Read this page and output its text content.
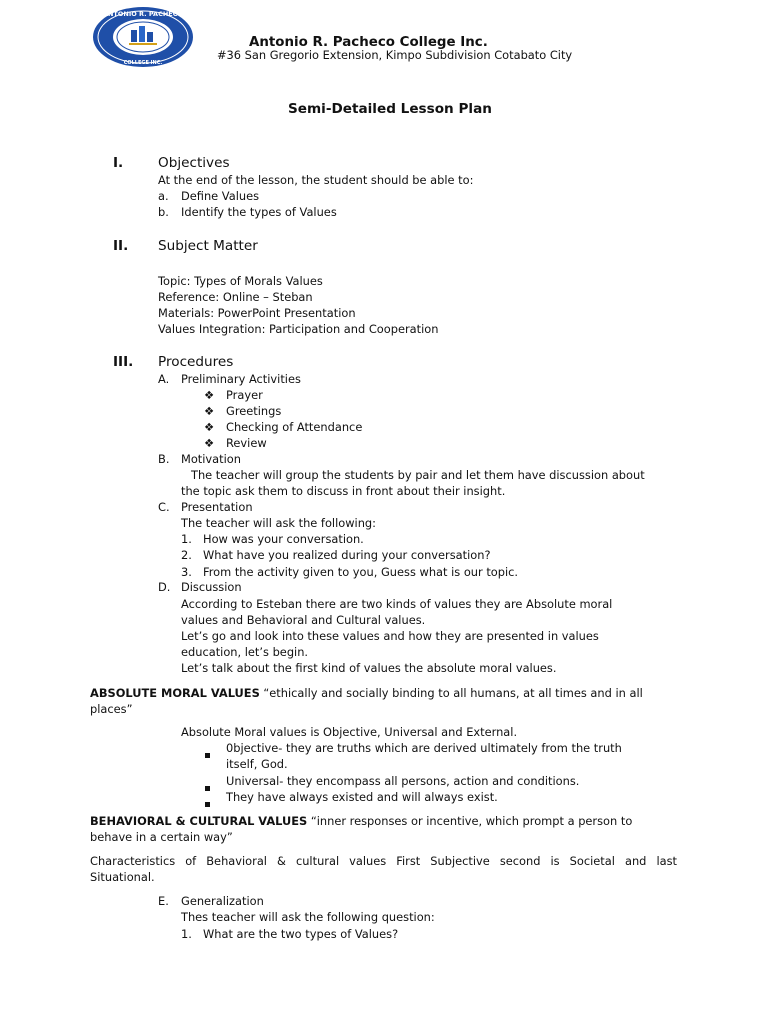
ANTONIO R. PACHECO
COLLEGE INC.
Antonio R. Pacheco College Inc.
#36 San Gregorio Extension, Kimpo Subdivision Cotabato City
Semi-Detailed Lesson Plan
I.	Objectives
At the end of the lesson, the student should be able to:
a. Define Values
b. Identify the types of Values
II. Subject Matter
Topic: Types of Morals Values
Reference: Online – Steban
Materials: PowerPoint Presentation
Values Integration: Participation and Cooperation
III. Procedures
A. Preliminary Activities
❖ Prayer
❖ Greetings
❖ Checking of Attendance
❖ Review
B. Motivation
The teacher will group the students by pair and let them have discussion about
the topic ask them to discuss in front about their insight.
C. Presentation
The teacher will ask the following:
1. How was your conversation.
2. What have you realized during your conversation?
3. From the activity given to you, Guess what is our topic.
D. Discussion
According to Esteban there are two kinds of values they are Absolute moral
values and Behavioral and Cultural values.
Let’s go and look into these values and how they are presented in values
education, let’s begin.
Let’s talk about the first kind of values the absolute moral values.
ABSOLUTE MORAL VALUES “ethically and socially binding to all humans, at all times and in all
places”
Absolute Moral values is Objective, Universal and External.
0bjective- they are truths which are derived ultimately from the truth
itself, God.
Universal- they encompass all persons, action and conditions.
They have always existed and will always exist.
BEHAVIORAL & CULTURAL VALUES “inner responses or incentive, which prompt a person to
behave in a certain way”
Characteristics of Behavioral & cultural values First Subjective second is Societal and last
Situational.
E. Generalization
Thes teacher will ask the following question:
1. What are the two types of Values?
